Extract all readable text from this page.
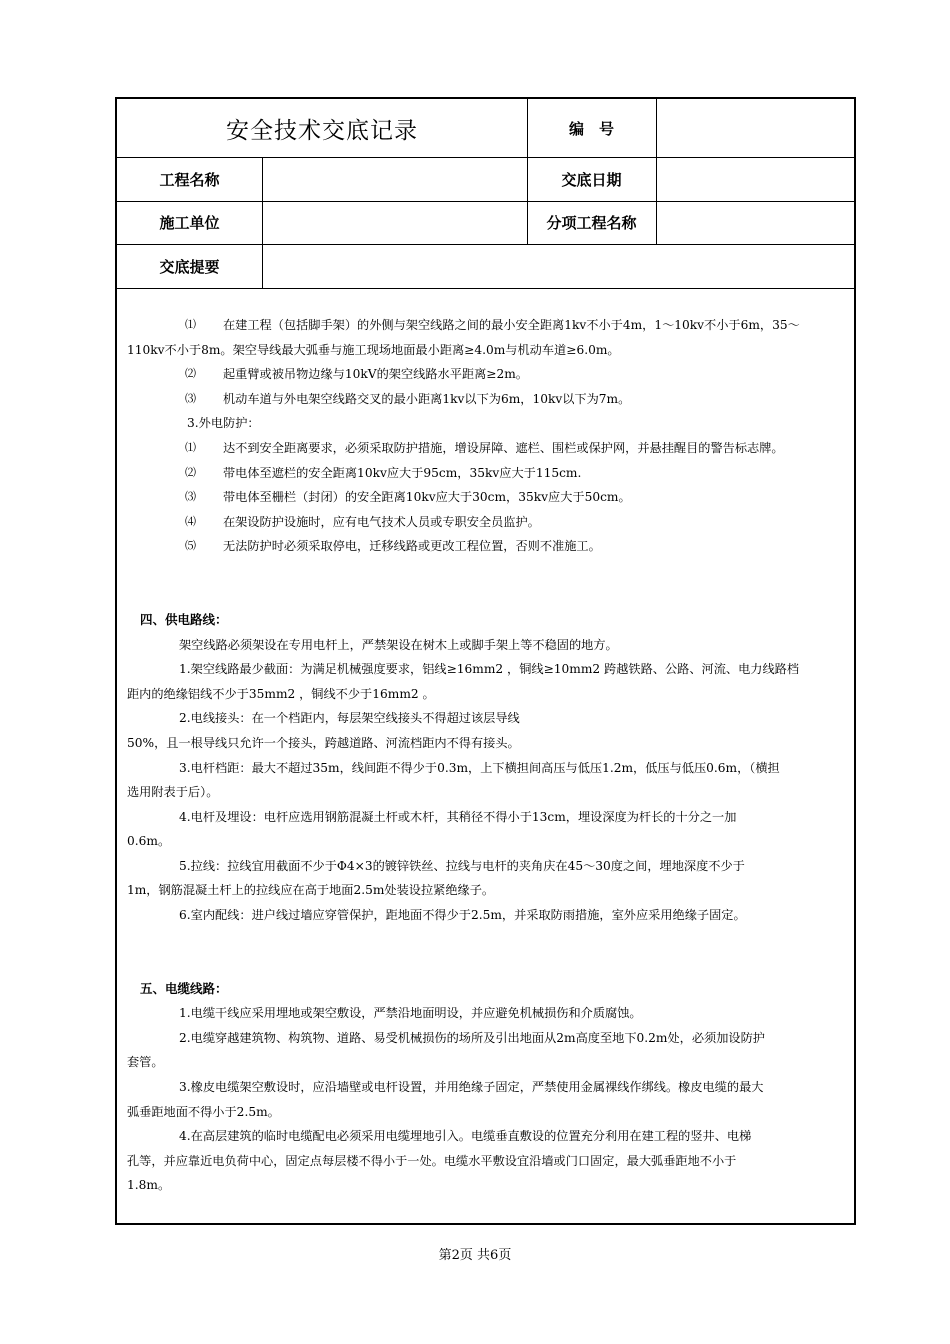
安全技术交底记录	编　号
工程名称	交底日期
施工单位	分项工程名称
交底提要

⑴ 在建工程（包括脚手架）的外侧与架空线路之间的最小安全距离1kv不小于4m，1～10kv不小于6m，35～

110kv不小于8m。架空导线最大弧垂与施工现场地面最小距离≥4.0m与机动车道≥6.0m。

⑵ 起重臂或被吊物边缘与10kV的架空线路水平距离≥2m。

⑶ 机动车道与外电架空线路交叉的最小距离1kv以下为6m，10kv以下为7m。

3.外电防护：

⑴ 达不到安全距离要求，必须采取防护措施，增设屏障、遮栏、围栏或保护网，并悬挂醒目的警告标志牌。

⑵ 带电体至遮栏的安全距离10kv应大于95cm，35kv应大于115cm.

⑶ 带电体至栅栏（封闭）的安全距离10kv应大于30cm，35kv应大于50cm。

⑷ 在架设防护设施时，应有电气技术人员或专职安全员监护。

⑸ 无法防护时必须采取停电，迁移线路或更改工程位置，否则不准施工。

四、供电路线：

架空线路必须架设在专用电杆上，严禁架设在树木上或脚手架上等不稳固的地方。

1.架空线路最少截面：为满足机械强度要求，铝线≥16mm2 ，铜线≥10mm2 跨越铁路、公路、河流、电力线路档

距内的绝缘铝线不少于35mm2 ，铜线不少于16mm2 。

2.电线接头：在一个档距内，每层架空线接头不得超过该层导线

50%，且一根导线只允许一个接头，跨越道路、河流档距内不得有接头。

3.电杆档距：最大不超过35m，线间距不得少于0.3m，上下横担间高压与低压1.2m，低压与低压0.6m，（横担

选用附表于后）。

4.电杆及埋设：电杆应选用钢筋混凝土杆或木杆，其稍径不得小于13cm，埋设深度为杆长的十分之一加

0.6m。

5.拉线：拉线宜用截面不少于Φ4×3的镀锌铁丝、拉线与电杆的夹角庆在45～30度之间，埋地深度不少于

1m，钢筋混凝土杆上的拉线应在高于地面2.5m处装设拉紧绝缘子。

6.室内配线：进户线过墙应穿管保护，距地面不得少于2.5m，并采取防雨措施，室外应采用绝缘子固定。

五、电缆线路：

1.电缆干线应采用埋地或架空敷设，严禁沿地面明设，并应避免机械损伤和介质腐蚀。

2.电缆穿越建筑物、构筑物、道路、易受机械损伤的场所及引出地面从2m高度至地下0.2m处，必须加设防护

套管。

3.橡皮电缆架空敷设时，应沿墙壁或电杆设置，并用绝缘子固定，严禁使用金属裸线作绑线。橡皮电缆的最大

弧垂距地面不得小于2.5m。

4.在高层建筑的临时电缆配电必须采用电缆埋地引入。电缆垂直敷设的位置充分利用在建工程的竖井、电梯

孔等，并应靠近电负荷中心，固定点每层楼不得小于一处。电缆水平敷设宜沿墙或门口固定，最大弧垂距地不小于

1.8m。

第2页 共6页
